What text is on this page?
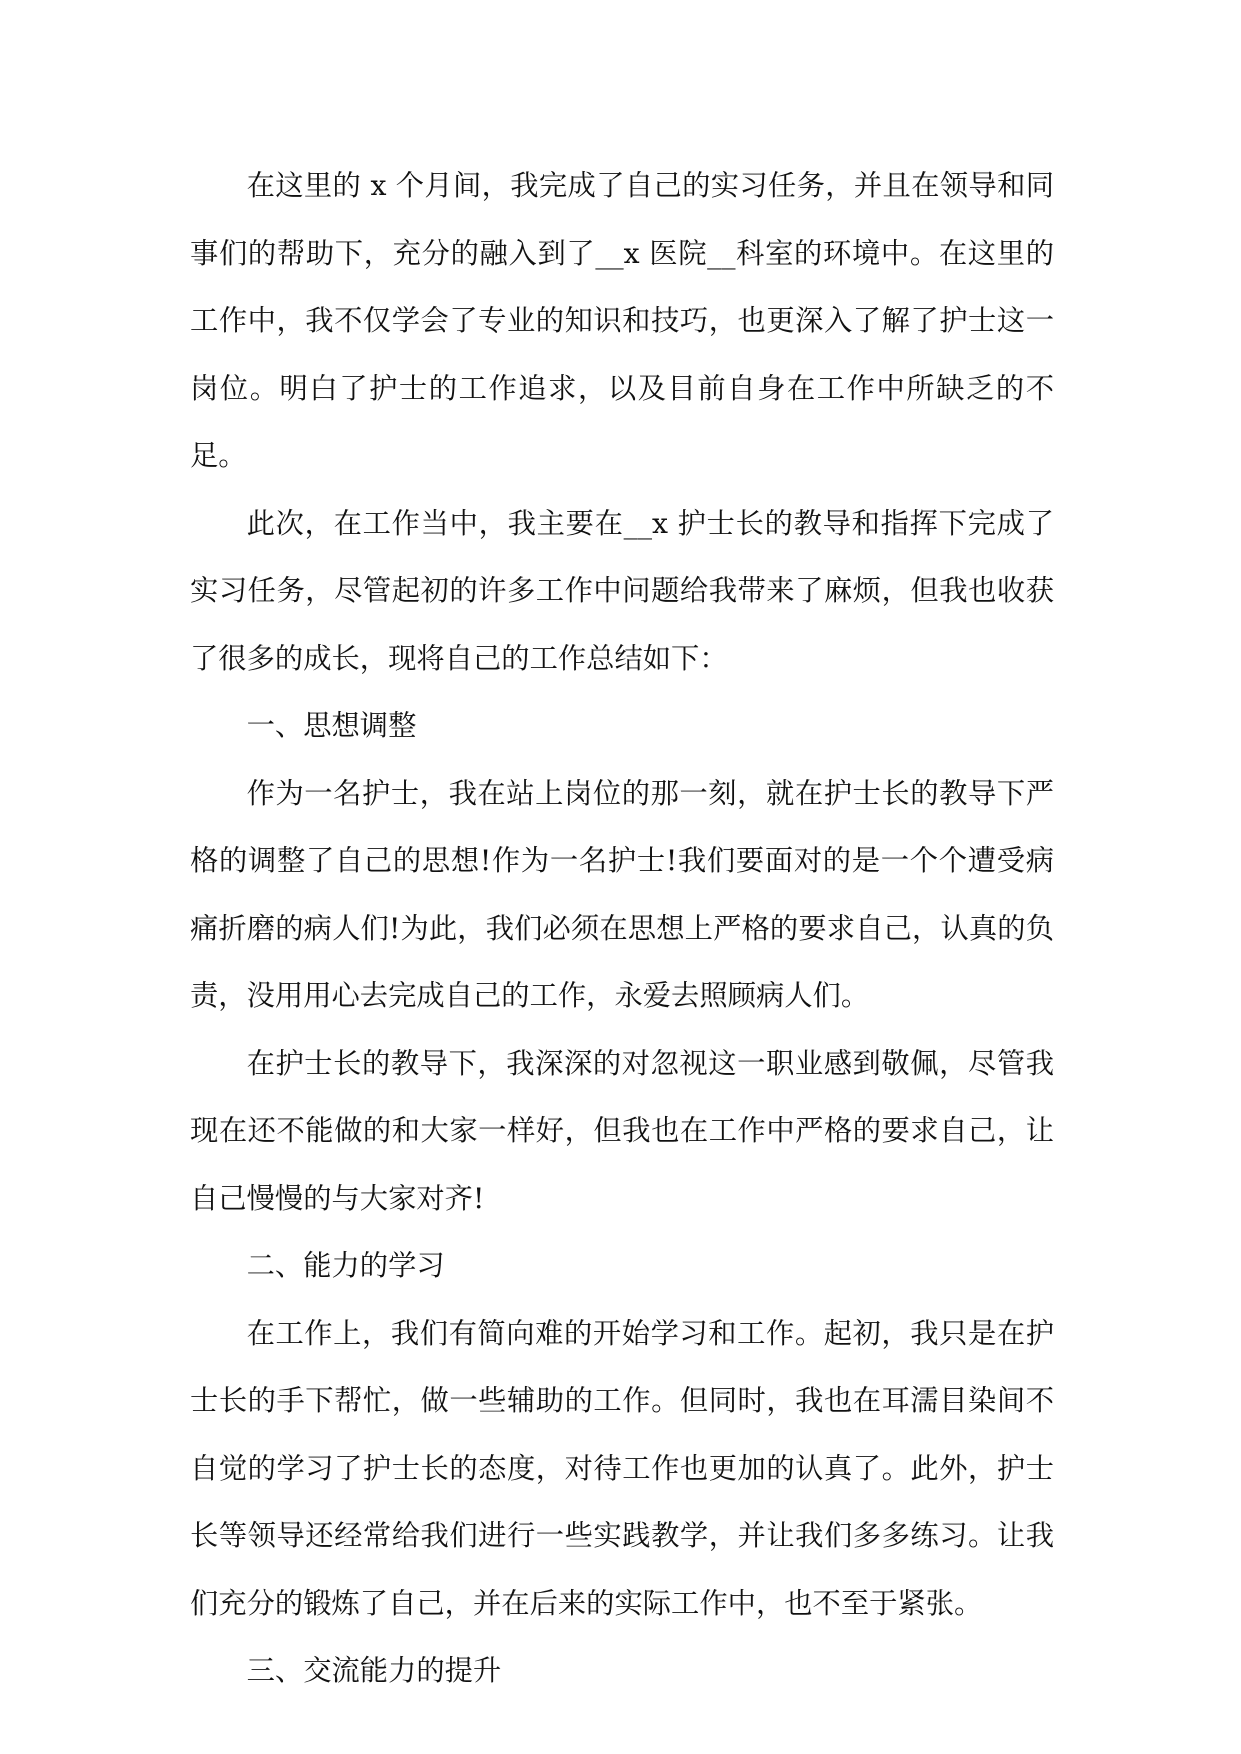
在这里的 x 个月间，我完成了自己的实习任务，并且在领导和同事们的帮助下，充分的融入到了__x 医院__科室的环境中。在这里的工作中，我不仅学会了专业的知识和技巧，也更深入了解了护士这一岗位。明白了护士的工作追求，以及目前自身在工作中所缺乏的不足。

此次，在工作当中，我主要在__x 护士长的教导和指挥下完成了实习任务，尽管起初的许多工作中问题给我带来了麻烦，但我也收获了很多的成长，现将自己的工作总结如下：

一、思想调整

作为一名护士，我在站上岗位的那一刻，就在护士长的教导下严格的调整了自己的思想!作为一名护士!我们要面对的是一个个遭受病痛折磨的病人们!为此，我们必须在思想上严格的要求自己，认真的负责，没用用心去完成自己的工作，永爱去照顾病人们。

在护士长的教导下，我深深的对忽视这一职业感到敬佩，尽管我现在还不能做的和大家一样好，但我也在工作中严格的要求自己，让自己慢慢的与大家对齐!

二、能力的学习

在工作上，我们有简向难的开始学习和工作。起初，我只是在护士长的手下帮忙，做一些辅助的工作。但同时，我也在耳濡目染间不自觉的学习了护士长的态度，对待工作也更加的认真了。此外，护士长等领导还经常给我们进行一些实践教学，并让我们多多练习。让我们充分的锻炼了自己，并在后来的实际工作中，也不至于紧张。

三、交流能力的提升
